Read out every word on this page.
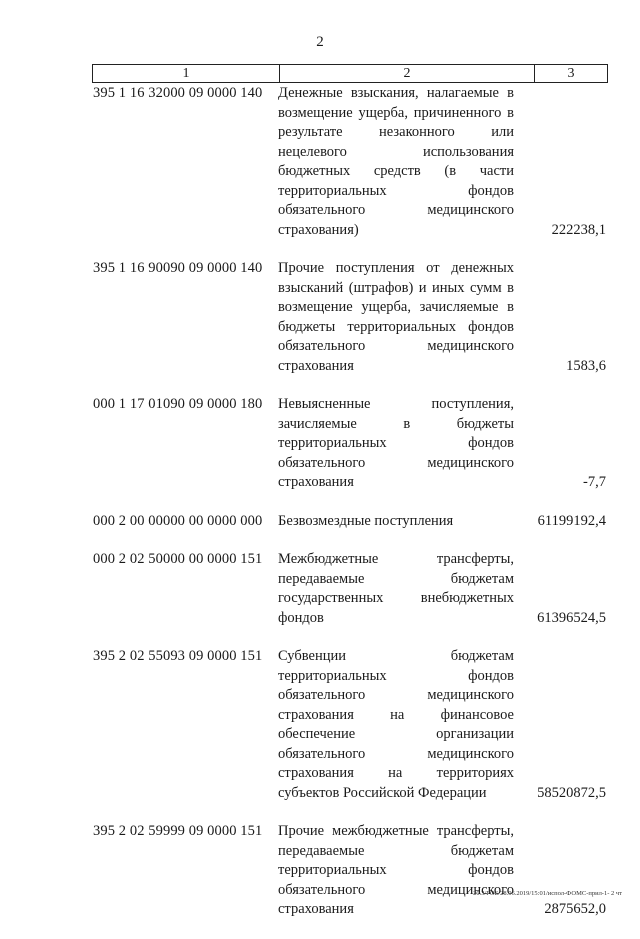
2
1	2	3
395 1 16 32000 09 0000 140 Денежные взыскания, налагаемые в возмещение ущерба, причиненного в результате незаконного или нецелевого использования бюджетных средств (в части территориальных фондов обязательного медицинского страхования)	222238,1
395 1 16 90090 09 0000 140 Прочие поступления от денежных взысканий (штрафов) и иных сумм в возмещение ущерба, зачисляемые в бюджеты территориальных фондов обязательного медицинского страхования	1583,6
000 1 17 01090 09 0000 180 Невыясненные поступления, зачисляемые в бюджеты территориальных фондов обязательного медицинского страхования	-7,7
000 2 00 00000 00 0000 000 Безвозмездные поступления	61199192,4
000 2 02 50000 00 0000 151 Межбюджетные трансферты, передаваемые бюджетам государственных внебюджетных фондов	61396524,5
395 2 02 55093 09 0000 151 Субвенции бюджетам территориальных фондов обязательного медицинского страхования на финансовое обеспечение организации обязательного медицинского страхования на территориях субъектов Российской Федерации	58520872,5
395 2 02 59999 09 0000 151 Прочие межбюджетные трансферты, передаваемые бюджетам территориальных фондов обязательного медицинского страхования	2875652,0
20.3/ГОБ/28.06.2019/15:01/испол-ФОМС-прил-1- 2 чт
